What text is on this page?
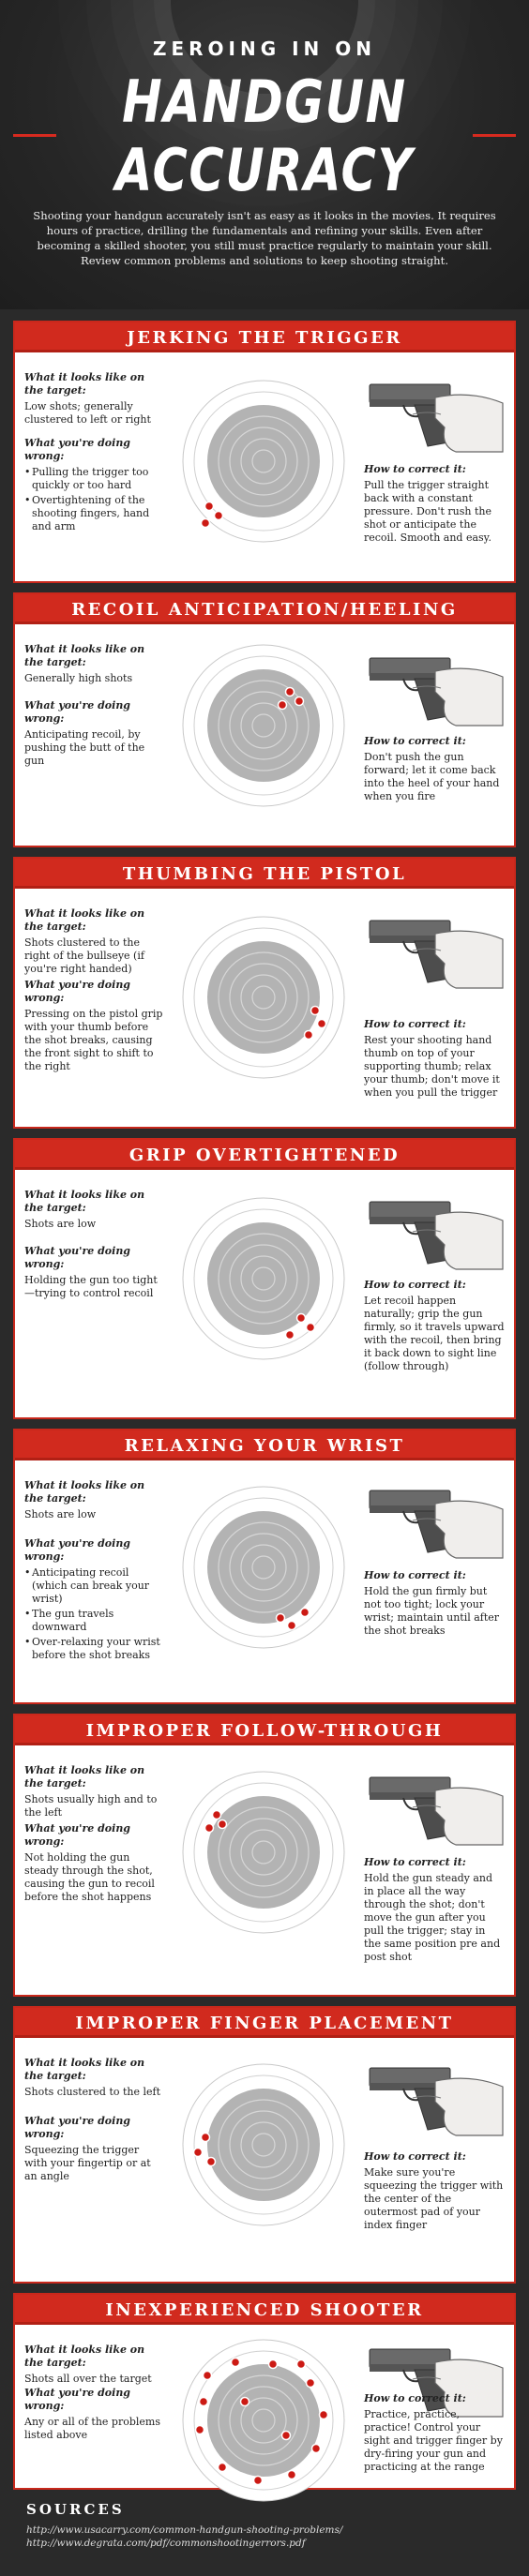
ZEROING IN ON
HANDGUN ACCURACY
Shooting your handgun accurately isn't as easy as it looks in the movies. It requires hours of practice, drilling the fundamentals and refining your skills. Even after becoming a skilled shooter, you still must practice regularly to maintain your skill. Review common problems and solutions to keep shooting straight.
JERKING THE TRIGGER
What it looks like on the target:
Low shots; generally clustered to left or right
What you're doing wrong:
• Pulling the trigger too quickly or too hard
• Overtightening of the shooting fingers, hand and arm
How to correct it:
Pull the trigger straight back with a constant pressure. Don't rush the shot or anticipate the recoil. Smooth and easy.
RECOIL ANTICIPATION/HEELING
What it looks like on the target:
Generally high shots
What you're doing wrong:
Anticipating recoil, by pushing the butt of the gun
How to correct it:
Don't push the gun forward; let it come back into the heel of your hand when you fire
THUMBING THE PISTOL
What it looks like on the target:
Shots clustered to the right of the bullseye (if you're right handed)
What you're doing wrong:
Pressing on the pistol grip with your thumb before the shot breaks, causing the front sight to shift to the right
How to correct it:
Rest your shooting hand thumb on top of your supporting thumb; relax your thumb; don't move it when you pull the trigger
GRIP OVERTIGHTENED
What it looks like on the target:
Shots are low
What you're doing wrong:
Holding the gun too tight—trying to control recoil
How to correct it:
Let recoil happen naturally; grip the gun firmly, so it travels upward with the recoil, then bring it back down to sight line (follow through)
RELAXING YOUR WRIST
What it looks like on the target:
Shots are low
What you're doing wrong:
• Anticipating recoil (which can break your wrist)
• The gun travels downward
• Over-relaxing your wrist before the shot breaks
How to correct it:
Hold the gun firmly but not too tight; lock your wrist; maintain until after the shot breaks
IMPROPER FOLLOW-THROUGH
What it looks like on the target:
Shots usually high and to the left
What you're doing wrong:
Not holding the gun steady through the shot, causing the gun to recoil before the shot happens
How to correct it:
Hold the gun steady and in place all the way through the shot; don't move the gun after you pull the trigger; stay in the same position pre and post shot
IMPROPER FINGER PLACEMENT
What it looks like on the target:
Shots clustered to the left
What you're doing wrong:
Squeezing the trigger with your fingertip or at an angle
How to correct it:
Make sure you're squeezing the trigger with the center of the outermost pad of your index finger
INEXPERIENCED SHOOTER
What it looks like on the target:
Shots all over the target
What you're doing wrong:
Any or all of the problems listed above
How to correct it:
Practice, practice, practice! Control your sight and trigger finger by dry-firing your gun and practicing at the range
SOURCES
http://www.usacarry.com/common-handgun-shooting-problems/
http://www.degrata.com/pdf/commonshootingerrors.pdf
